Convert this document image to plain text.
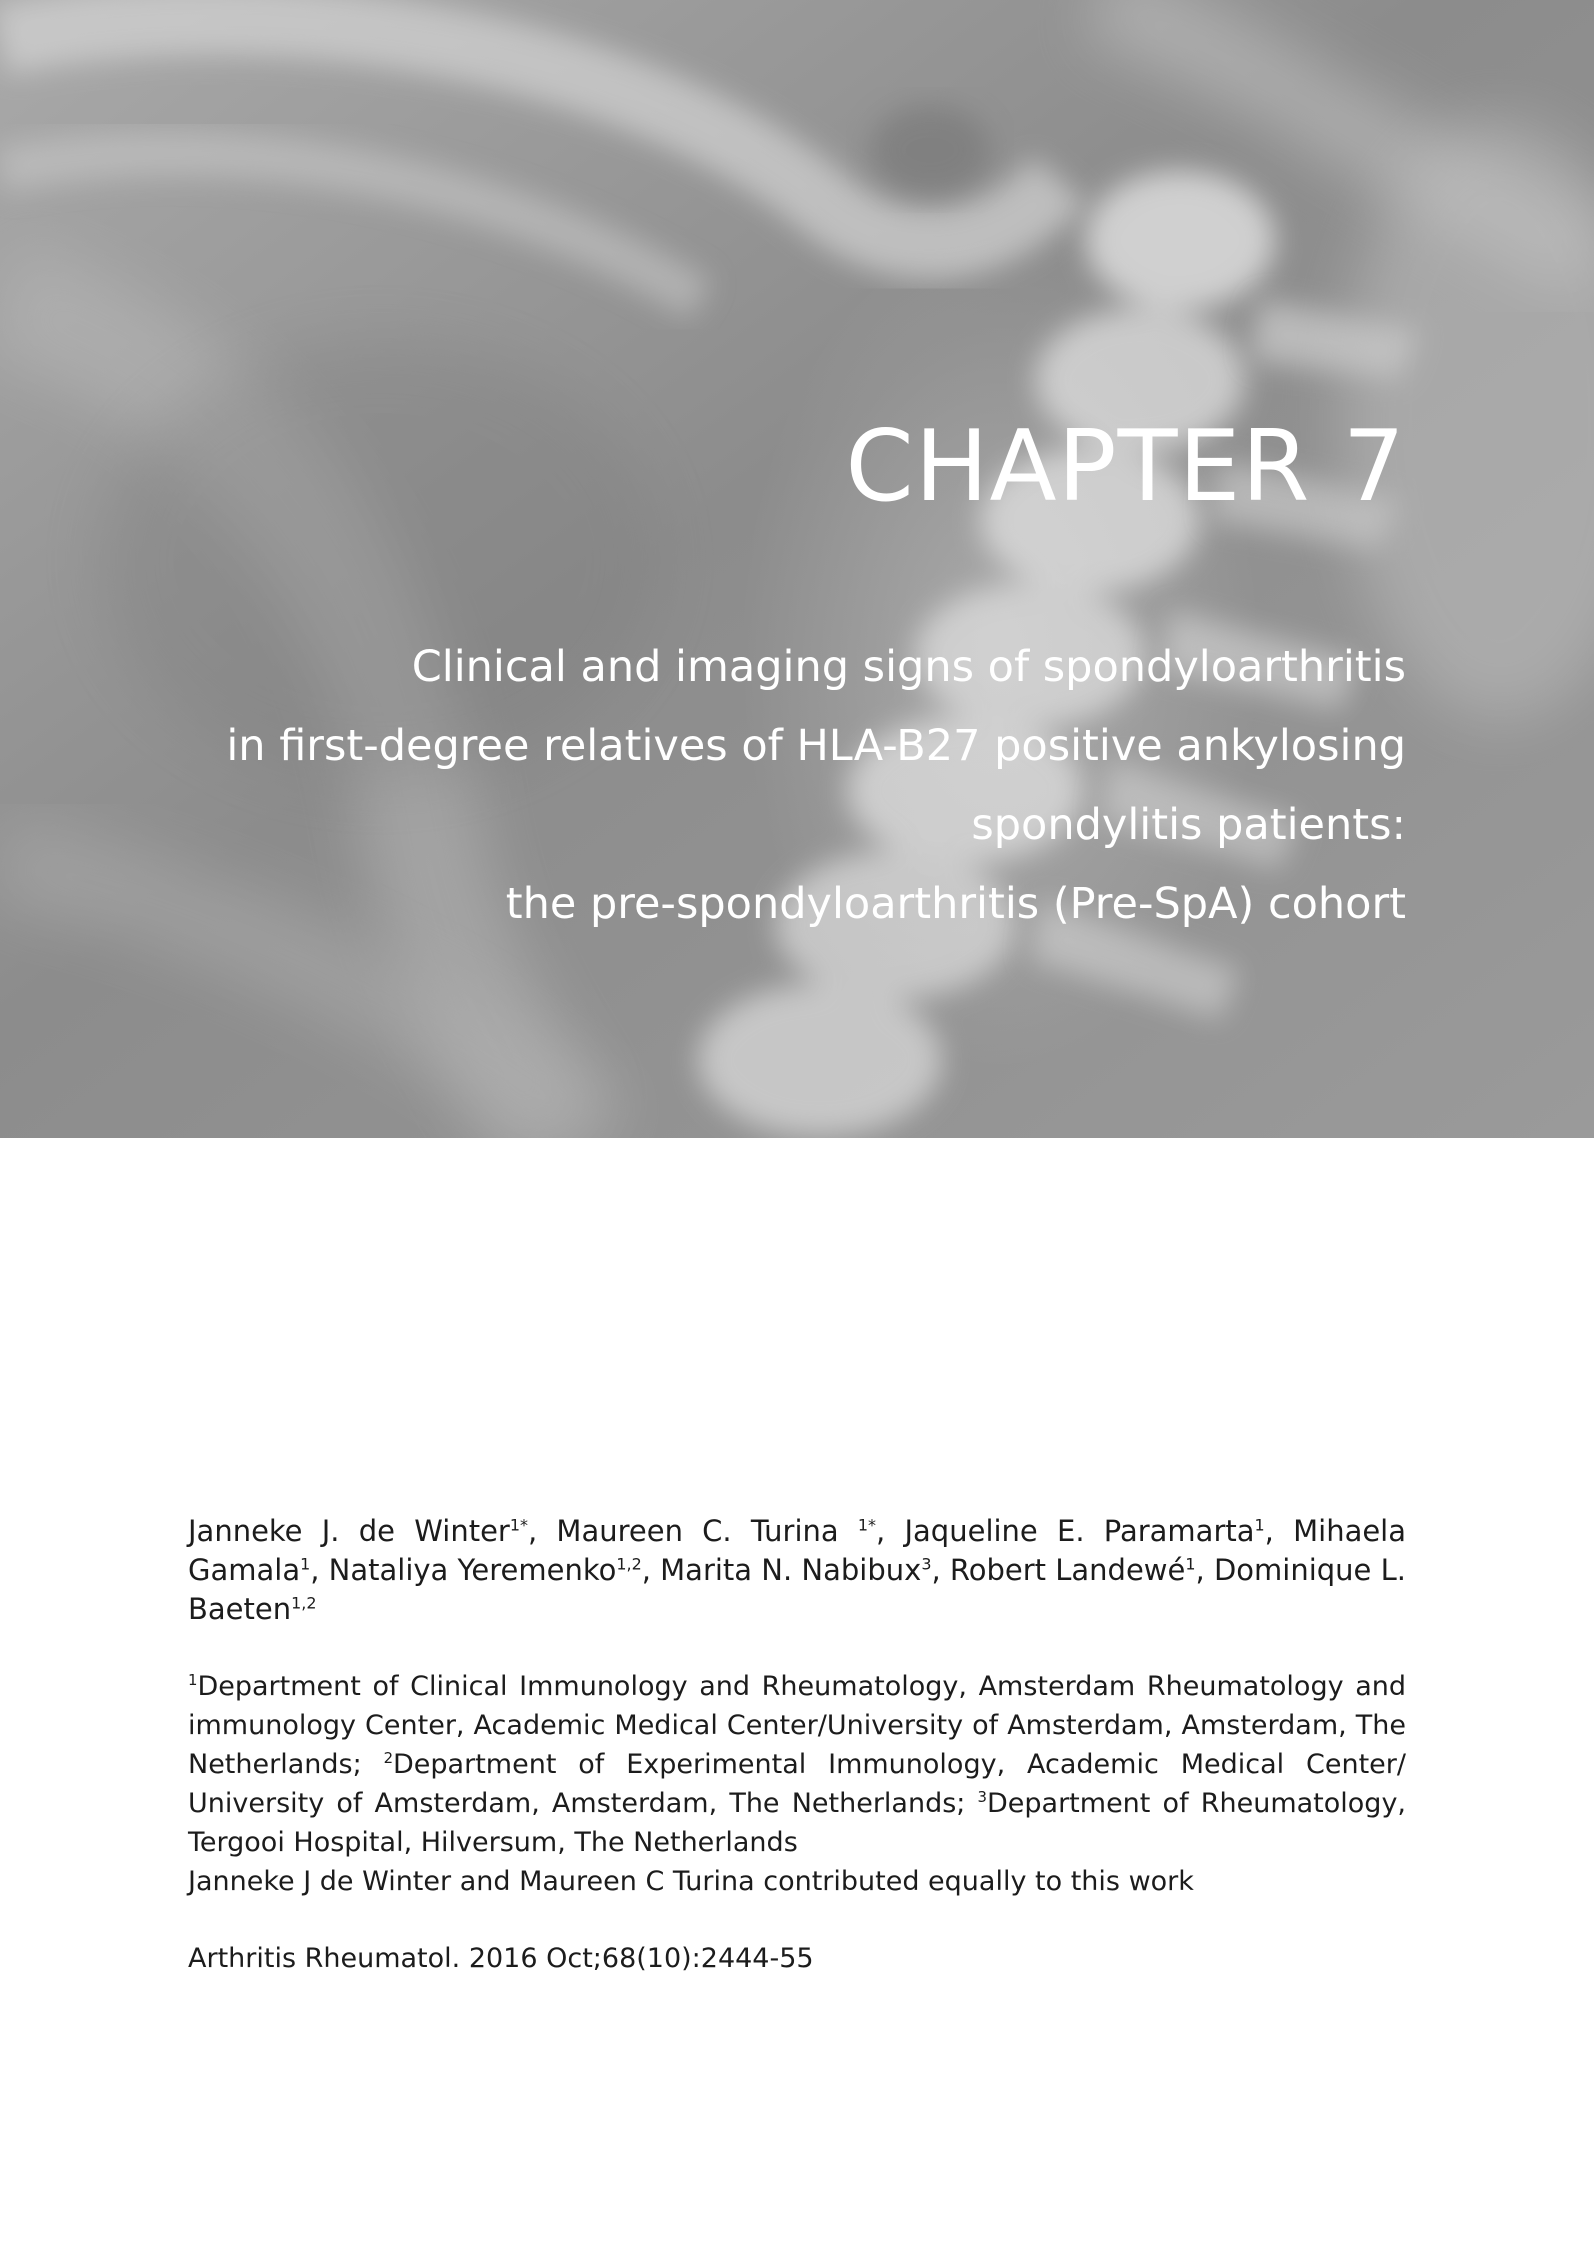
CHAPTER 7
Clinical and imaging signs of spondyloarthritis
in first-degree relatives of HLA-B27 positive ankylosing
spondylitis patients:
the pre-spondyloarthritis (Pre-SpA) cohort

Janneke J. de Winter$^{1*}$, Maureen C. Turina $^{1*}$, Jaqueline E. Paramarta$^1$, Mihaela Gamala$^1$, Nataliya Yeremenko$^{1,2}$, Marita N. Nabibux$^3$, Robert Landewé$^1$, Dominique L. Baeten$^{1,2}$

$^1$Department of Clinical Immunology and Rheumatology, Amsterdam Rheumatology and immunology Center, Academic Medical Center/University of Amsterdam, Amsterdam, The Netherlands; $^2$Department of Experimental Immunology, Academic Medical Center/ University of Amsterdam, Amsterdam, The Netherlands; $^3$Department of Rheumatology, Tergooi Hospital, Hilversum, The Netherlands

Janneke J de Winter and Maureen C Turina contributed equally to this work

Arthritis Rheumatol. 2016 Oct;68(10):2444-55
